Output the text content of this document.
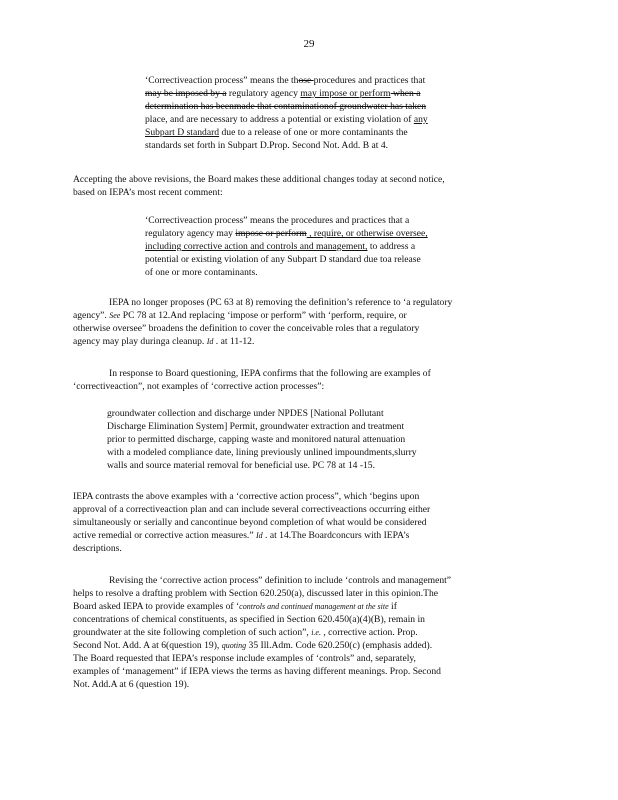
29
‘Correctiveaction process” means the those procedures and practices that
may be imposed by a regulatory agency may impose or perform when a
determination has beenmade that contaminationof groundwater has taken
place, and are necessary to address a potential or existing violation of any
Subpart D standard due to a release of one or more contaminants the
standards set forth in Subpart D.Prop. Second Not. Add. B at 4.
Accepting the above revisions, the Board makes these additional changes today at second notice,
based on IEPA’s most recent comment:
‘Correctiveaction process” means the procedures and practices that a
regulatory agency may impose or perform , require, or otherwise oversee,
including corrective action and controls and management, to address a
potential or existing violation of any Subpart D standard due toa release
of one or more contaminants.
IEPA no longer proposes (PC 63 at 8) removing the definition’s reference to ‘a regulatory
agency”. See PC 78 at 12.And replacing ‘impose or perform” with ‘perform, require, or
otherwise oversee” broadens the definition to cover the conceivable roles that a regulatory
agency may play duringa cleanup. Id . at 11-12.
In response to Board questioning, IEPA confirms that the following are examples of
‘correctiveaction”, not examples of ‘corrective action processes”:
groundwater collection and discharge under NPDES [National Pollutant
Discharge Elimination System] Permit, groundwater extraction and treatment
prior to permitted discharge, capping waste and monitored natural attenuation
with a modeled compliance date, lining previously unlined impoundments,slurry
walls and source material removal for beneficial use. PC 78 at 14 -15.
IEPA contrasts the above examples with a ‘corrective action process”, which ‘begins upon
approval of a correctiveaction plan and can include several correctiveactions occurring either
simultaneously or serially and cancontinue beyond completion of what would be considered
active remedial or corrective action measures.” Id . at 14.The Boardconcurs with IEPA’s
descriptions.
Revising the ‘corrective action process” definition to include ‘controls and management”
helps to resolve a drafting problem with Section 620.250(a), discussed later in this opinion.The
Board asked IEPA to provide examples of ‘controls and continued management at the site if
concentrations of chemical constituents, as specified in Section 620.450(a)(4)(B), remain in
groundwater at the site following completion of such action”, i.e. , corrective action. Prop.
Second Not. Add. A at 6(question 19), quoting 35 Ill.Adm. Code 620.250(c) (emphasis added).
The Board requested that IEPA’s response include examples of ‘controls” and, separately,
examples of ‘management” if IEPA views the terms as having different meanings. Prop. Second
Not. Add.A at 6 (question 19).
